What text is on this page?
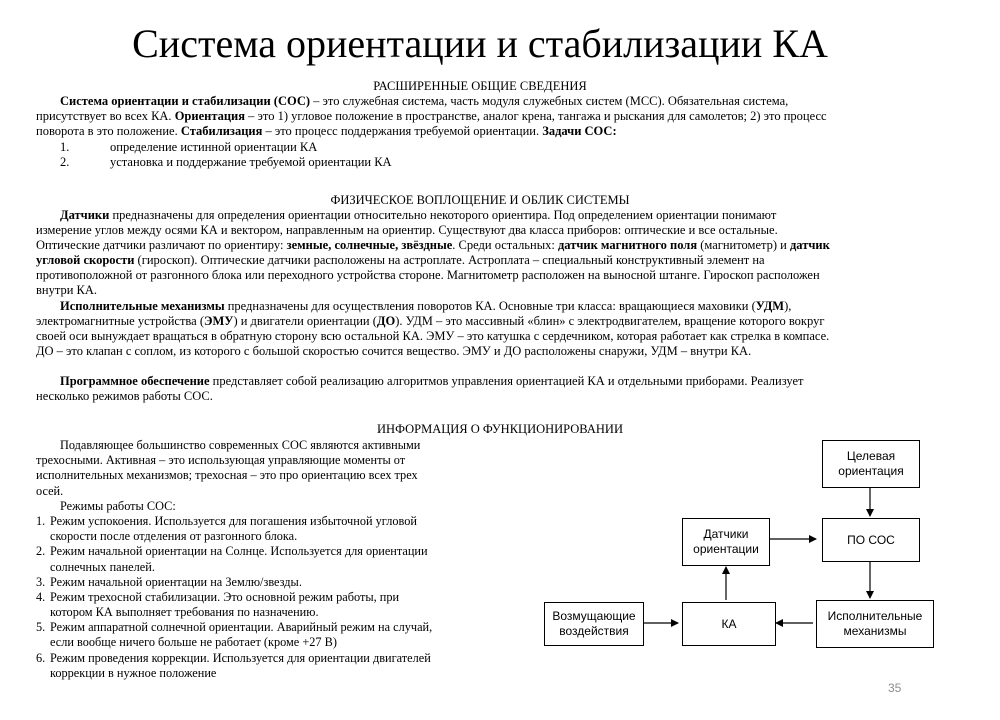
Система ориентации и стабилизации КА
РАСШИРЕННЫЕ ОБЩИЕ СВЕДЕНИЯ
Система ориентации и стабилизации (СОС) – это служебная система, часть модуля служебных систем (МСС). Обязательная система,
присутствует во всех КА. Ориентация – это 1) угловое положение в пространстве, аналог крена, тангажа и рыскания для самолетов; 2) это процесс
поворота в это положение. Стабилизация – это процесс поддержания требуемой ориентации. Задачи СОС:
1.	определение истинной ориентации КА
2.	установка и поддержание требуемой ориентации КА
ФИЗИЧЕСКОЕ ВОПЛОЩЕНИЕ И ОБЛИК СИСТЕМЫ
Датчики предназначены для определения ориентации относительно некоторого ориентира. Под определением ориентации понимают
измерение углов между осями КА и вектором, направленным на ориентир. Существуют два класса приборов: оптические и все остальные.
Оптические датчики различают по ориентиру: земные, солнечные, звёздные. Среди остальных: датчик магнитного поля (магнитометр) и датчик
угловой скорости (гироскоп). Оптические датчики расположены на астроплате. Астроплата – специальный конструктивный элемент на
противоположной от разгонного блока или переходного устройства стороне. Магнитометр расположен на выносной штанге. Гироскоп расположен
внутри КА.
Исполнительные механизмы предназначены для осуществления поворотов КА. Основные три класса: вращающиеся маховики (УДМ),
электромагнитные устройства (ЭМУ) и двигатели ориентации (ДО). УДМ – это массивный «блин» с электродвигателем, вращение которого вокруг
своей оси вынуждает вращаться в обратную сторону всю остальной КА. ЭМУ – это катушка с сердечником, которая работает как стрелка в компасе.
ДО – это клапан с соплом, из которого с большой скоростью сочится вещество. ЭМУ и ДО расположены снаружи, УДМ – внутри КА.
Программное обеспечение представляет собой реализацию алгоритмов управления ориентацией КА и отдельными приборами. Реализует
несколько режимов работы СОС.
ИНФОРМАЦИЯ О ФУНКЦИОНИРОВАНИИ
Подавляющее большинство современных СОС являются активными
трехосными. Активная – это использующая управляющие моменты от
исполнительных механизмов; трехосная – это про ориентацию всех трех
осей.
Режимы работы СОС:
1. Режим успокоения. Используется для погашения избыточной угловой
скорости после отделения от разгонного блока.
2. Режим начальной ориентации на Солнце. Используется для ориентации
солнечных панелей.
3. Режим начальной ориентации на Землю/звезды.
4. Режим трехосной стабилизации. Это основной режим работы, при
котором КА выполняет требования по назначению.
5. Режим аппаратной солнечной ориентации. Аварийный режим на случай,
если вообще ничего больше не работает (кроме +27 В)
6. Режим проведения коррекции. Используется для ориентации двигателей
коррекции в нужное положение
Целевая ориентация
Датчики ориентации
ПО СОС
Возмущающие воздействия
КА
Исполнительные механизмы
35
